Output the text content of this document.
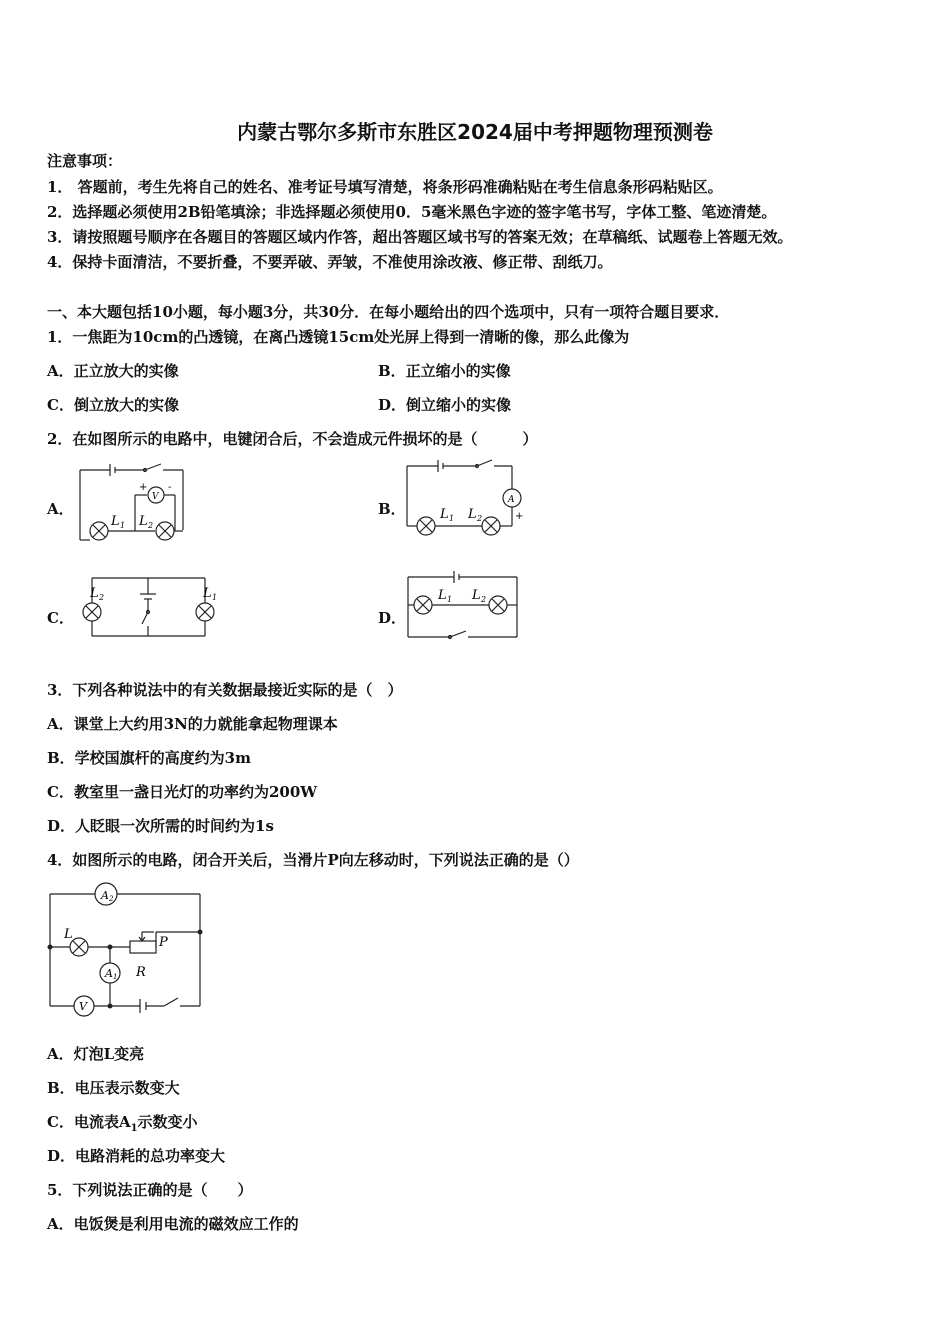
内蒙古鄂尔多斯市东胜区2024届中考押题物理预测卷
注意事项：
1． 答题前，考生先将自己的姓名、准考证号填写清楚，将条形码准确粘贴在考生信息条形码粘贴区。
2．选择题必须使用2B铅笔填涂；非选择题必须使用0．5毫米黑色字迹的签字笔书写，字体工整、笔迹清楚。
3．请按照题号顺序在各题目的答题区域内作答，超出答题区域书写的答案无效；在草稿纸、试题卷上答题无效。
4．保持卡面清洁，不要折叠，不要弄破、弄皱，不准使用涂改液、修正带、刮纸刀。
一、本大题包括10小题，每小题3分，共30分．在每小题给出的四个选项中，只有一项符合题目要求．
1．一焦距为10cm的凸透镜，在离凸透镜15cm处光屏上得到一清晰的像，那么此像为
A．正立放大的实像	B．正立缩小的实像
C．倒立放大的实像	D．倒立缩小的实像
2．在如图所示的电路中，电键闭合后，不会造成元件损坏的是（　　　）
A．	B．
C．	D．
V
+ -
L 1 L 2
A
+
L 1 L 2
L 2	L 1	L 1 L 2
3．下列各种说法中的有关数据最接近实际的是（　）
A．课堂上大约用3N的力就能拿起物理课本
B．学校国旗杆的高度约为3m
C．教室里一盏日光灯的功率约为200W
D．人眨眼一次所需的时间约为1s
4．如图所示的电路，闭合开关后，当滑片P向左移动时，下列说法正确的是（）
A 2
A 1
L
P
R
V
A．灯泡L变亮
B．电压表示数变大
C．电流表$A_1$示数变小
D．电路消耗的总功率变大
5．下列说法正确的是（　　）
A．电饭煲是利用电流的磁效应工作的
